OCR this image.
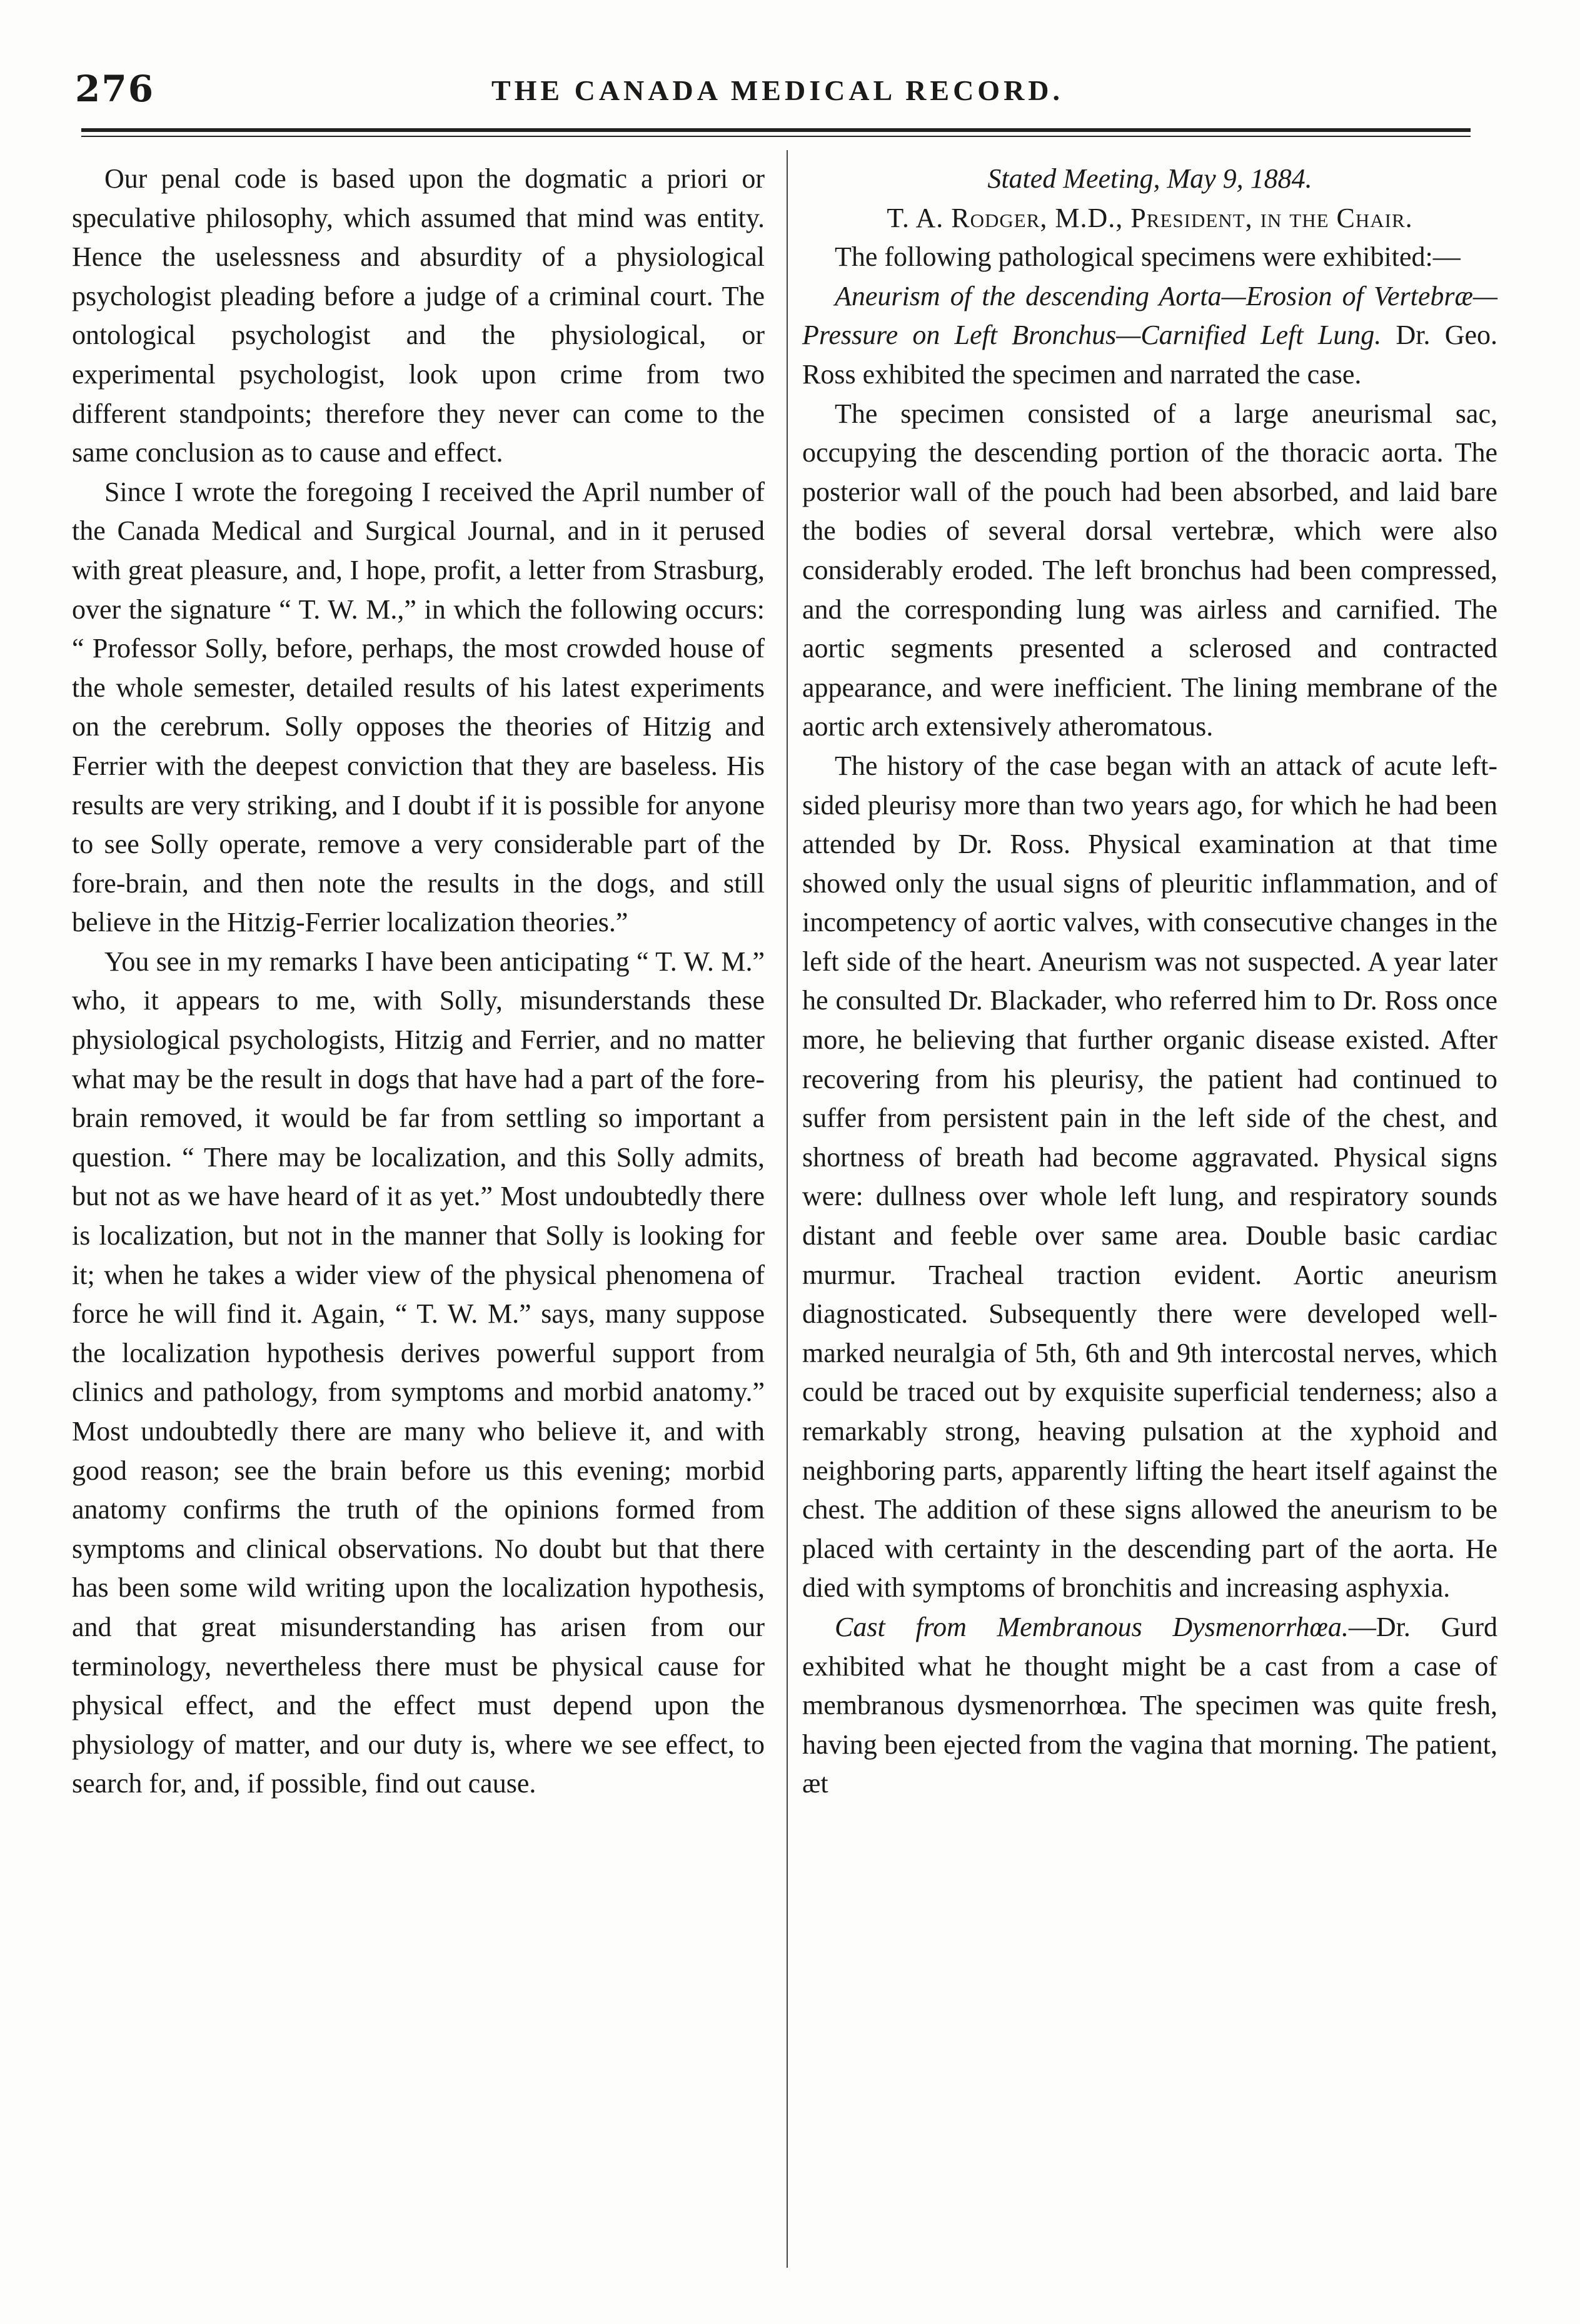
276	THE CANADA MEDICAL RECORD.

Our penal code is based upon the dogmatic a priori or speculative philosophy, which assumed that mind was entity. Hence the uselessness and absurdity of a physiological psychologist pleading before a judge of a criminal court. The ontological psychologist and the physiological, or experimental psychologist, look upon crime from two different standpoints; therefore they never can come to the same conclusion as to cause and effect.

Since I wrote the foregoing I received the April number of the Canada Medical and Surgical Journal, and in it perused with great pleasure, and, I hope, profit, a letter from Strasburg, over the signature “ T. W. M.,” in which the following occurs: “ Professor Solly, before, perhaps, the most crowded house of the whole semester, detailed results of his latest experiments on the cerebrum. Solly opposes the theories of Hitzig and Ferrier with the deepest conviction that they are baseless. His results are very striking, and I doubt if it is possible for anyone to see Solly operate, remove a very considerable part of the fore-brain, and then note the results in the dogs, and still believe in the Hitzig-Ferrier localization theories.”

You see in my remarks I have been anticipating “ T. W. M.” who, it appears to me, with Solly, misunderstands these physiological psychologists, Hitzig and Ferrier, and no matter what may be the result in dogs that have had a part of the fore-brain removed, it would be far from settling so important a question. “ There may be localization, and this Solly admits, but not as we have heard of it as yet.” Most undoubtedly there is localization, but not in the manner that Solly is looking for it; when he takes a wider view of the physical phenomena of force he will find it. Again, “ T. W. M.” says, many suppose the localization hypothesis derives powerful support from clinics and pathology, from symptoms and morbid anatomy.” Most undoubtedly there are many who believe it, and with good reason; see the brain before us this evening; morbid anatomy confirms the truth of the opinions formed from symptoms and clinical observations. No doubt but that there has been some wild writing upon the localization hypothesis, and that great misunderstanding has arisen from our terminology, nevertheless there must be physical cause for physical effect, and the effect must depend upon the physiology of matter, and our duty is, where we see effect, to search for, and, if possible, find out cause.

Stated Meeting, May 9, 1884.

T. A. Rodger, M.D., President, in the Chair.

The following pathological specimens were exhibited:—

Aneurism of the descending Aorta—Erosion of Vertebræ—Pressure on Left Bronchus—Carnified Left Lung. Dr. Geo. Ross exhibited the specimen and narrated the case.

The specimen consisted of a large aneurismal sac, occupying the descending portion of the thoracic aorta. The posterior wall of the pouch had been absorbed, and laid bare the bodies of several dorsal vertebræ, which were also considerably eroded. The left bronchus had been compressed, and the corresponding lung was airless and carnified. The aortic segments presented a sclerosed and contracted appearance, and were inefficient. The lining membrane of the aortic arch extensively atheromatous.

The history of the case began with an attack of acute left-sided pleurisy more than two years ago, for which he had been attended by Dr. Ross. Physical examination at that time showed only the usual signs of pleuritic inflammation, and of incompetency of aortic valves, with consecutive changes in the left side of the heart. Aneurism was not suspected. A year later he consulted Dr. Blackader, who referred him to Dr. Ross once more, he believing that further organic disease existed. After recovering from his pleurisy, the patient had continued to suffer from persistent pain in the left side of the chest, and shortness of breath had become aggravated. Physical signs were: dullness over whole left lung, and respiratory sounds distant and feeble over same area. Double basic cardiac murmur. Tracheal traction evident. Aortic aneurism diagnosticated. Subsequently there were developed well-marked neuralgia of 5th, 6th and 9th intercostal nerves, which could be traced out by exquisite superficial tenderness; also a remarkably strong, heaving pulsation at the xyphoid and neighboring parts, apparently lifting the heart itself against the chest. The addition of these signs allowed the aneurism to be placed with certainty in the descending part of the aorta. He died with symptoms of bronchitis and increasing asphyxia.

Cast from Membranous Dysmenorrhœa.—Dr. Gurd exhibited what he thought might be a cast from a case of membranous dysmenorrhœa. The specimen was quite fresh, having been ejected from the vagina that morning. The patient, æt
